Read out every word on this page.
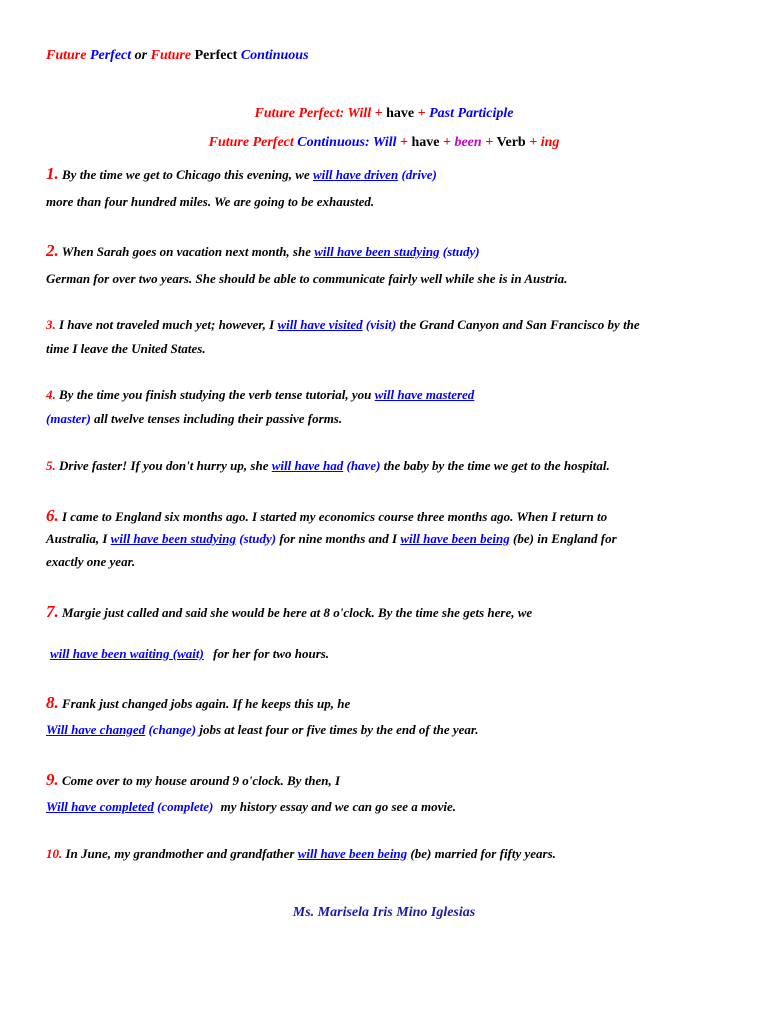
Future Perfect or Future Perfect Continuous
Future Perfect: Will + have + Past Participle
Future Perfect Continuous: Will + have + been + Verb + ing
1. By the time we get to Chicago this evening, we will have driven (drive)
more than four hundred miles. We are going to be exhausted.
2. When Sarah goes on vacation next month, she will have been studying (study)
German for over two years. She should be able to communicate fairly well while she is in Austria.
3. I have not traveled much yet; however, I will have visited (visit) the Grand Canyon and San Francisco by the
time I leave the United States.
4. By the time you finish studying the verb tense tutorial, you will have mastered
(master) all twelve tenses including their passive forms.
5. Drive faster! If you don't hurry up, she will have had (have) the baby by the time we get to the hospital.
6. I came to England six months ago. I started my economics course three months ago. When I return to
Australia, I will have been studying (study) for nine months and I will have been being (be) in England for
exactly one year.
7. Margie just called and said she would be here at 8 o'clock. By the time she gets here, we
will have been waiting (wait) for her for two hours.
8. Frank just changed jobs again. If he keeps this up, he
Will have changed (change) jobs at least four or five times by the end of the year.
9. Come over to my house around 9 o'clock. By then, I
Will have completed (complete) my history essay and we can go see a movie.
10. In June, my grandmother and grandfather will have been being (be) married for fifty years.
Ms. Marisela Iris Mino Iglesias
